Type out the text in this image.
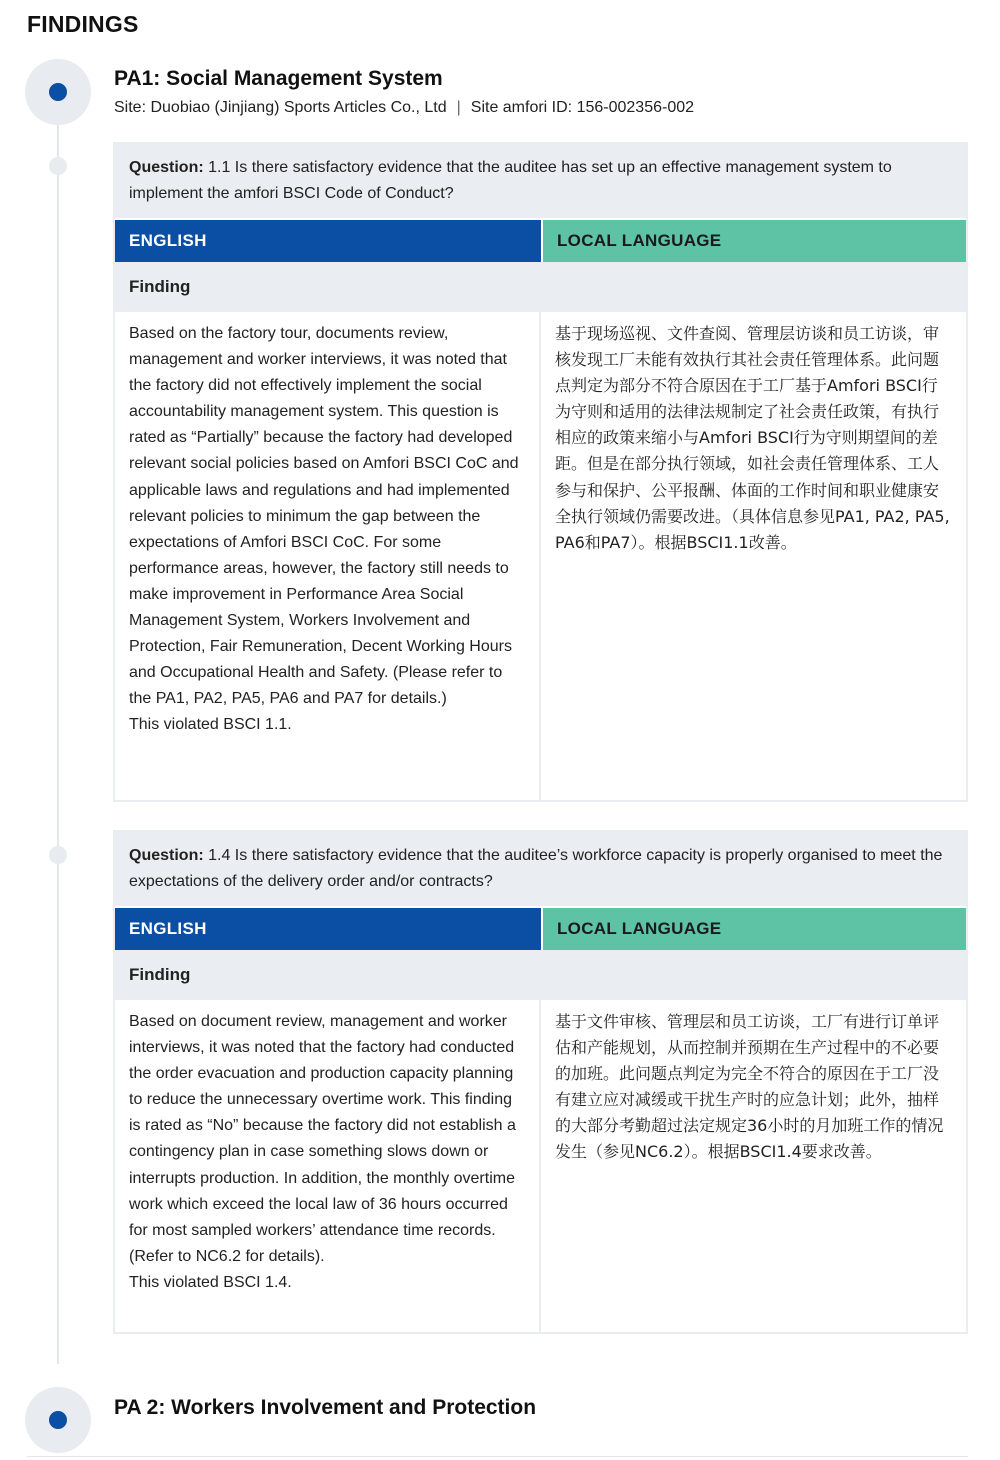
FINDINGS
PA1: Social Management System
Site: Duobiao (Jinjiang) Sports Articles Co., Ltd | Site amfori ID: 156-002356-002
Question: 1.1 Is there satisfactory evidence that the auditee has set up an effective management system to implement the amfori BSCI Code of Conduct?
ENGLISH	LOCAL LANGUAGE
Finding

Based on the factory tour, documents review, management and worker interviews, it was noted that the factory did not effectively implement the social accountability management system. This question is rated as “Partially” because the factory had developed relevant social policies based on Amfori BSCI CoC and applicable laws and regulations and had implemented relevant policies to minimum the gap between the expectations of Amfori BSCI CoC. For some performance areas, however, the factory still needs to make improvement in Performance Area Social Management System, Workers Involvement and Protection, Fair Remuneration, Decent Working Hours and Occupational Health and Safety. (Please refer to the PA1, PA2, PA5, PA6 and PA7 for details.)

This violated BSCI 1.1.

基于现场巡视、文件查阅、管理层访谈和员工访谈，审核发现工厂未能有效执行其社会责任管理体系。此问题点判定为部分不符合原因在于工厂基于Amfori BSCI行为守则和适用的法律法规制定了社会责任政策，有执行相应的政策来缩小与Amfori BSCI行为守则期望间的差距。但是在部分执行领域，如社会责任管理体系、工人参与和保护、公平报酬、体面的工作时间和职业健康安全执行领域仍需要改进。（具体信息参见PA1, PA2, PA5, PA6和PA7）。根据BSCI1.1改善。

Question: 1.4 Is there satisfactory evidence that the auditee’s workforce capacity is properly organised to meet the expectations of the delivery order and/or contracts?
ENGLISH	LOCAL LANGUAGE
Finding

Based on document review, management and worker interviews, it was noted that the factory had conducted the order evacuation and production capacity planning to reduce the unnecessary overtime work. This finding is rated as “No” because the factory did not establish a contingency plan in case something slows down or interrupts production. In addition, the monthly overtime work which exceed the local law of 36 hours occurred for most sampled workers’ attendance time records. (Refer to NC6.2 for details).

This violated BSCI 1.4.

基于文件审核、管理层和员工访谈，工厂有进行订单评估和产能规划，从而控制并预期在生产过程中的不必要的加班。此问题点判定为完全不符合的原因在于工厂没有建立应对减缓或干扰生产时的应急计划；此外，抽样的大部分考勤超过法定规定36小时的月加班工作的情况发生（参见NC6.2）。根据BSCI1.4要求改善。

PA 2: Workers Involvement and Protection
